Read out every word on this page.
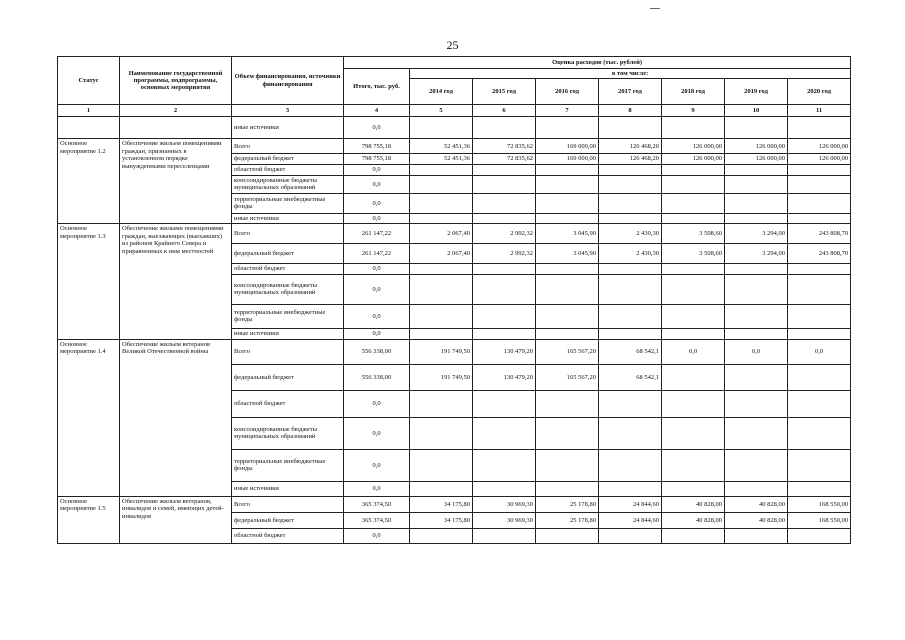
25
Статус	Наименование государственной программы, подпрограммы, основных мероприятия	Объем финансирования, источники финансирования	Оценка расходов (тыс. рублей)							
			Итого, тыс. руб.	в том числе:						
				2014 год	2015 год	2016 год	2017 год	2018 год	2019 год	2020 год
1	2	3	4	5	6	7	8	9	10	11
		иные источники	0,0							
Основное мероприятие 1.2	Обеспечение жильем помещениями граждан, признанных в установленном порядке вынужденными переселенцами	Всего	798 755,18	52 451,36	72 835,62	169 000,00	126 468,20	126 000,00	126 000,00	126 000,00
		федеральный бюджет	798 755,18	52 451,36	72 835,62	169 000,00	126 468,20	126 000,00	126 000,00	126 000,00
		областной бюджет	0,0							
		консолидированные бюджеты муниципальных образований	0,0							
		территориальные внебюджетные фонды	0,0							
		иные источники	0,0							
Основное мероприятие 1.3	Обеспечение жилыми помещениями граждан, выезжающих (выехавших) из районов Крайнего Севера и приравненных к ним местностей	Всего	261 147,22	2 067,40	2 992,32	3 045,90	2 430,30	3 508,60	3 294,00	243 808,70
		федеральный бюджет	261 147,22	2 067,40	2 992,32	3 045,90	2 430,30	3 508,60	3 294,00	243 808,70
		областной бюджет	0,0							
		консолидированные бюджеты муниципальных образований	0,0							
		территориальные внебюджетные фонды	0,0							
		иные источники	0,0							
Основное мероприятие 1.4	Обеспечение жильем ветеранов Великой Отечественной войны	Всего	556 338,00	191 749,50	130 479,20	165 567,20	68 542,1	0,0	0,0	0,0
		федеральный бюджет	556 338,00	191 749,50	130 479,20	165 567,20	68 542,1			
		областной бюджет	0,0							
		консолидированные бюджеты муниципальных образований	0,0							
		территориальные внебюджетные фонды	0,0							
		иные источники	0,0							
Основное мероприятие 1.5	Обеспечение жильем ветеранов, инвалидов и семей, имеющих детей-инвалидов	Всего	365 374,50	34 175,80	30 969,30	25 178,80	24 844,60	40 828,00	40 828,00	168 550,00
		федеральный бюджет	365 374,50	34 175,80	30 969,30	25 178,80	24 844,60	40 828,00	40 828,00	168 550,00
		областной бюджет	0,0							
